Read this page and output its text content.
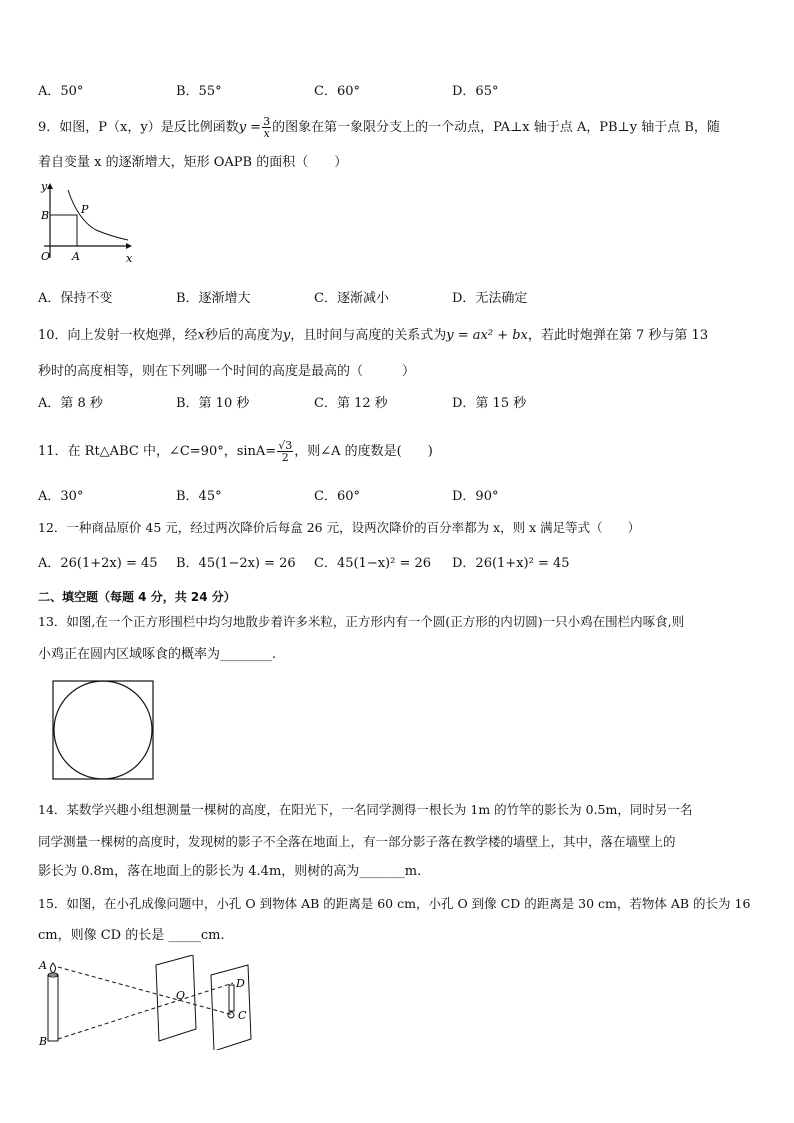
A．50°	B．55°	C．60°	D．65°
9．如图，P（x，y）是反比例函数$y = \frac{3}{x}$ 的图象在第一象限分支上的一个动点，PA⊥x 轴于点 A，PB⊥y 轴于点 B，随
着自变量 x 的逐渐增大，矩形 OAPB 的面积（　　）
y
B	P
O A	x
A．保持不变	B．逐渐增大	C．逐渐减小	D．无法确定
10．向上发射一枚炮弹，经x秒后的高度为y，且时间与高度的关系式为y = ax² + bx，若此时炮弹在第 7 秒与第 13
秒时的高度相等，则在下列哪一个时间的高度是最高的（　　　）
A．第 8 秒	B．第 10 秒	C．第 12 秒	D．第 15 秒
11．在 Rt△ABC 中，∠C=90°，$\sin A= \frac{√3}{2}$ ，则∠A 的度数是(　　)
A．30°	B．45°	C．60°	D．90°
12．一种商品原价 45 元，经过两次降价后每盒 26 元，设两次降价的百分率都为 x，则 x 满足等式（　　）
A．26(1+2x) = 45 B．45(1−2x) = 26 C．45(1−x)² = 26 D．26(1+x)² = 45
二、填空题（每题 4 分，共 24 分）
13．如图,在一个正方形围栏中均匀地散步着许多米粒，正方形内有一个圆(正方形的内切圆)一只小鸡在围栏内啄食,则
小鸡正在圆内区域啄食的概率为________.
14．某数学兴趣小组想测量一棵树的高度，在阳光下，一名同学测得一根长为 1m 的竹竿的影长为 0.5m，同时另一名
同学测量一棵树的高度时，发现树的影子不全落在地面上，有一部分影子落在教学楼的墙壁上，其中，落在墙壁上的
影长为 0.8m，落在地面上的影长为 4.4m，则树的高为_______m.
15．如图，在小孔成像问题中，小孔 O 到物体 AB 的距离是 60 cm，小孔 O 到像 CD 的距离是 30 cm，若物体 AB 的长为 16
cm，则像 CD 的长是 _____cm.
A
B
O
D
C
